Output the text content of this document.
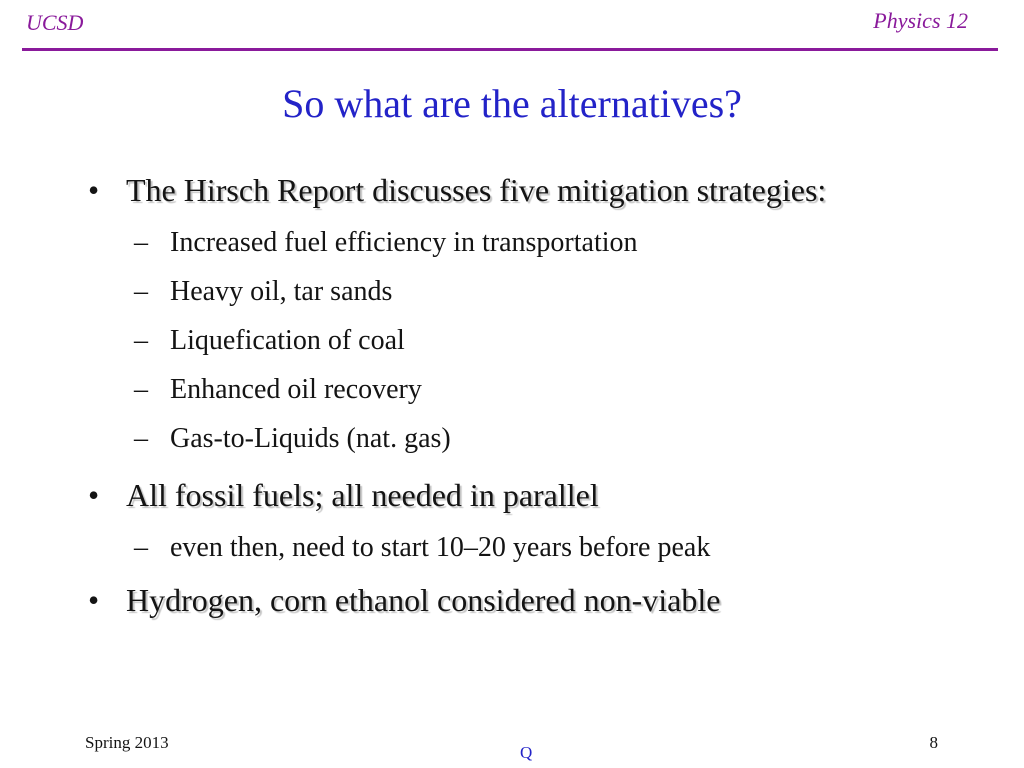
UCSD	Physics 12
So what are the alternatives?
• The Hirsch Report discusses five mitigation strategies:
– Increased fuel efficiency in transportation
– Heavy oil, tar sands
– Liquefication of coal
– Enhanced oil recovery
– Gas-to-Liquids (nat. gas)
• All fossil fuels; all needed in parallel
– even then, need to start 10–20 years before peak
• Hydrogen, corn ethanol considered non-viable
Spring 2013
Q
8
